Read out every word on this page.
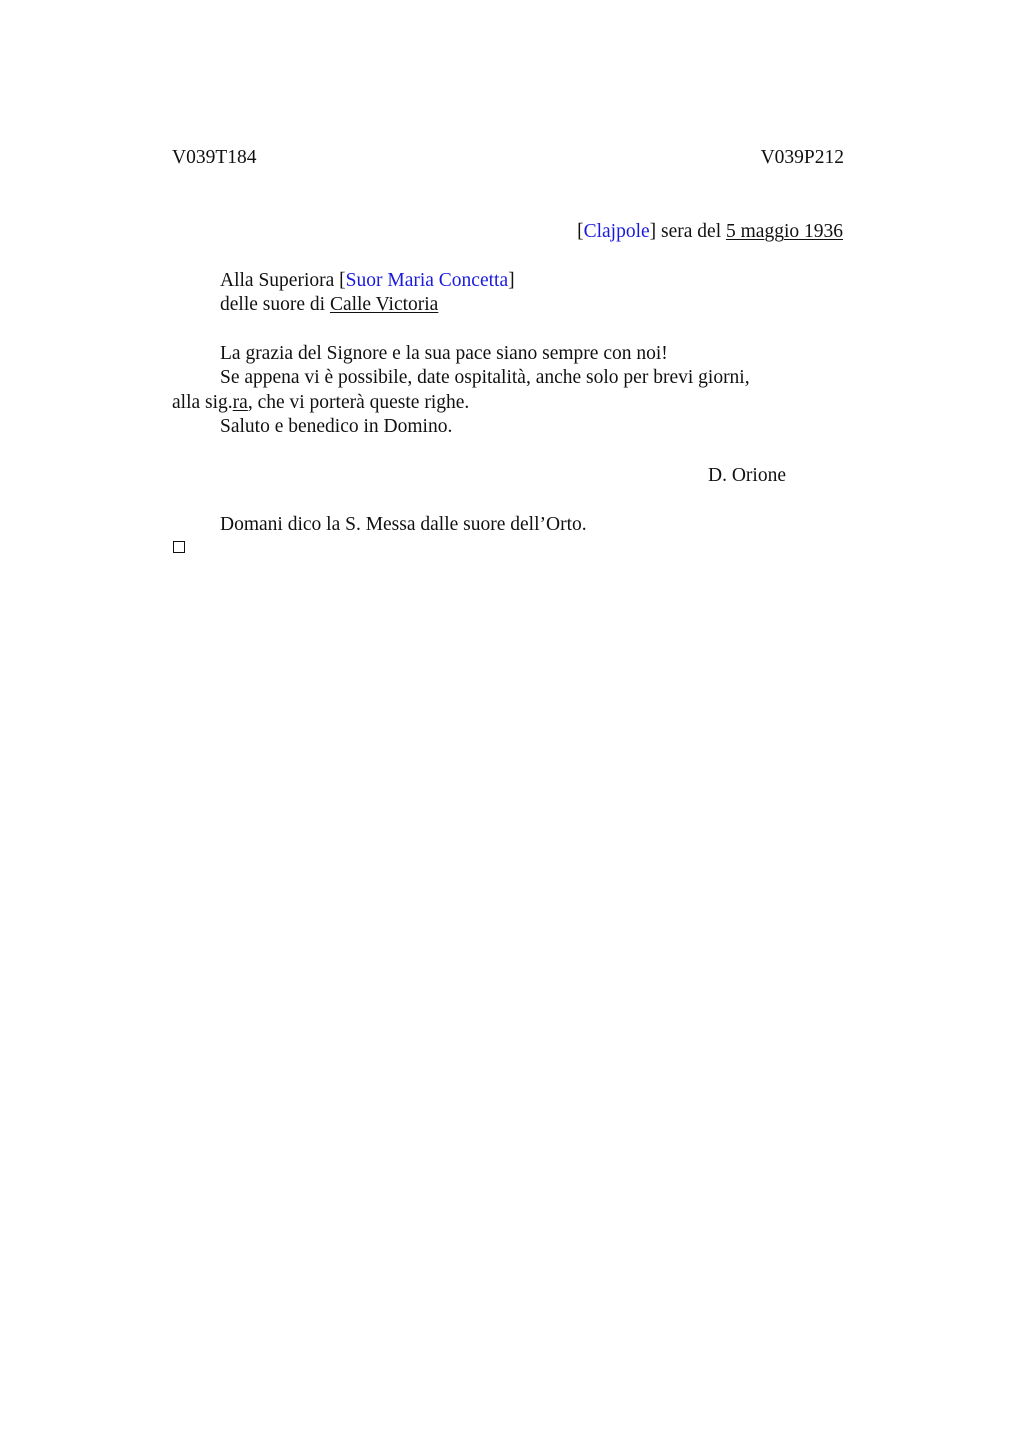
V039T184	V039P212
[Clajpole] sera del 5 maggio 1936
Alla Superiora [Suor Maria Concetta]
delle suore di Calle Victoria
La grazia del Signore e la sua pace siano sempre con noi!
Se appena vi è possibile, date ospitalità, anche solo per brevi giorni,
alla sig.ra, che vi porterà queste righe.
Saluto e benedico in Domino.
D. Orione
Domani dico la S. Messa dalle suore dell’Orto.
